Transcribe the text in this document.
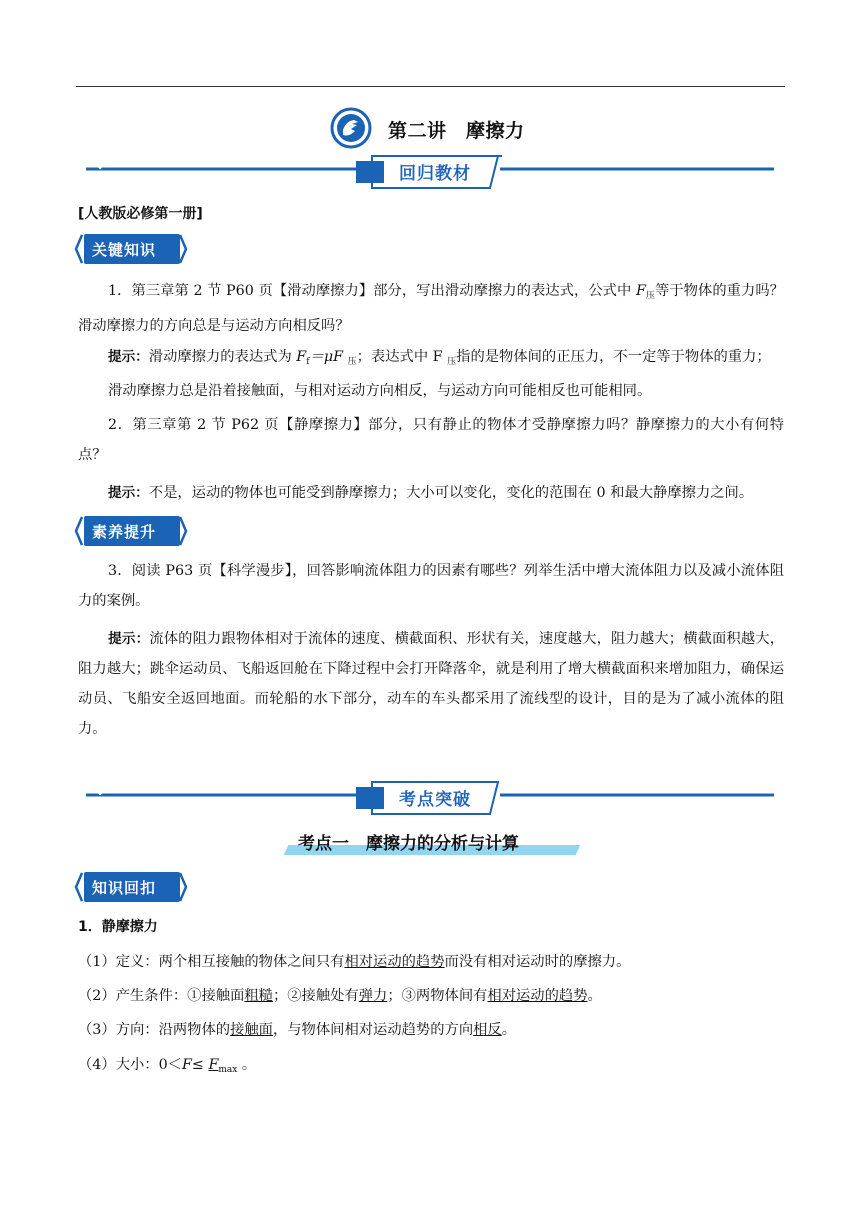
第二讲　摩擦力
回归教材
[人教版必修第一册]
关键知识
1．第三章第 2 节 P60 页【滑动摩擦力】部分，写出滑动摩擦力的表达式，公式中 $F_压$等于物体的重力吗？滑动摩擦力的方向总是与运动方向相反吗？
提示：滑动摩擦力的表达式为 $F_f=\mu F$ $_压$；表达式中 F $_压$指的是物体间的正压力，不一定等于物体的重力；
滑动摩擦力总是沿着接触面，与相对运动方向相反，与运动方向可能相反也可能相同。
2．第三章第 2 节 P62 页【静摩擦力】部分，只有静止的物体才受静摩擦力吗？静摩擦力的大小有何特点？
提示：不是，运动的物体也可能受到静摩擦力；大小可以变化，变化的范围在 0 和最大静摩擦力之间。
素养提升
3．阅读 P63 页【科学漫步】，回答影响流体阻力的因素有哪些？列举生活中增大流体阻力以及减小流体阻力的案例。
提示：流体的阻力跟物体相对于流体的速度、横截面积、形状有关，速度越大，阻力越大；横截面积越大，阻力越大；跳伞运动员、飞船返回舱在下降过程中会打开降落伞，就是利用了增大横截面积来增加阻力，确保运动员、飞船安全返回地面。而轮船的水下部分，动车的车头都采用了流线型的设计，目的是为了减小流体的阻力。
考点突破
考点一　摩擦力的分析与计算
知识回扣
1．静摩擦力
（1）定义：两个相互接触的物体之间只有相对运动的趋势而没有相对运动时的摩擦力。
（2）产生条件：①接触面粗糙；②接触处有弹力；③两物体间有相对运动的趋势。
（3）方向：沿两物体的接触面，与物体间相对运动趋势的方向相反。
（4）大小：$0<F\le F_{max}$ 。
